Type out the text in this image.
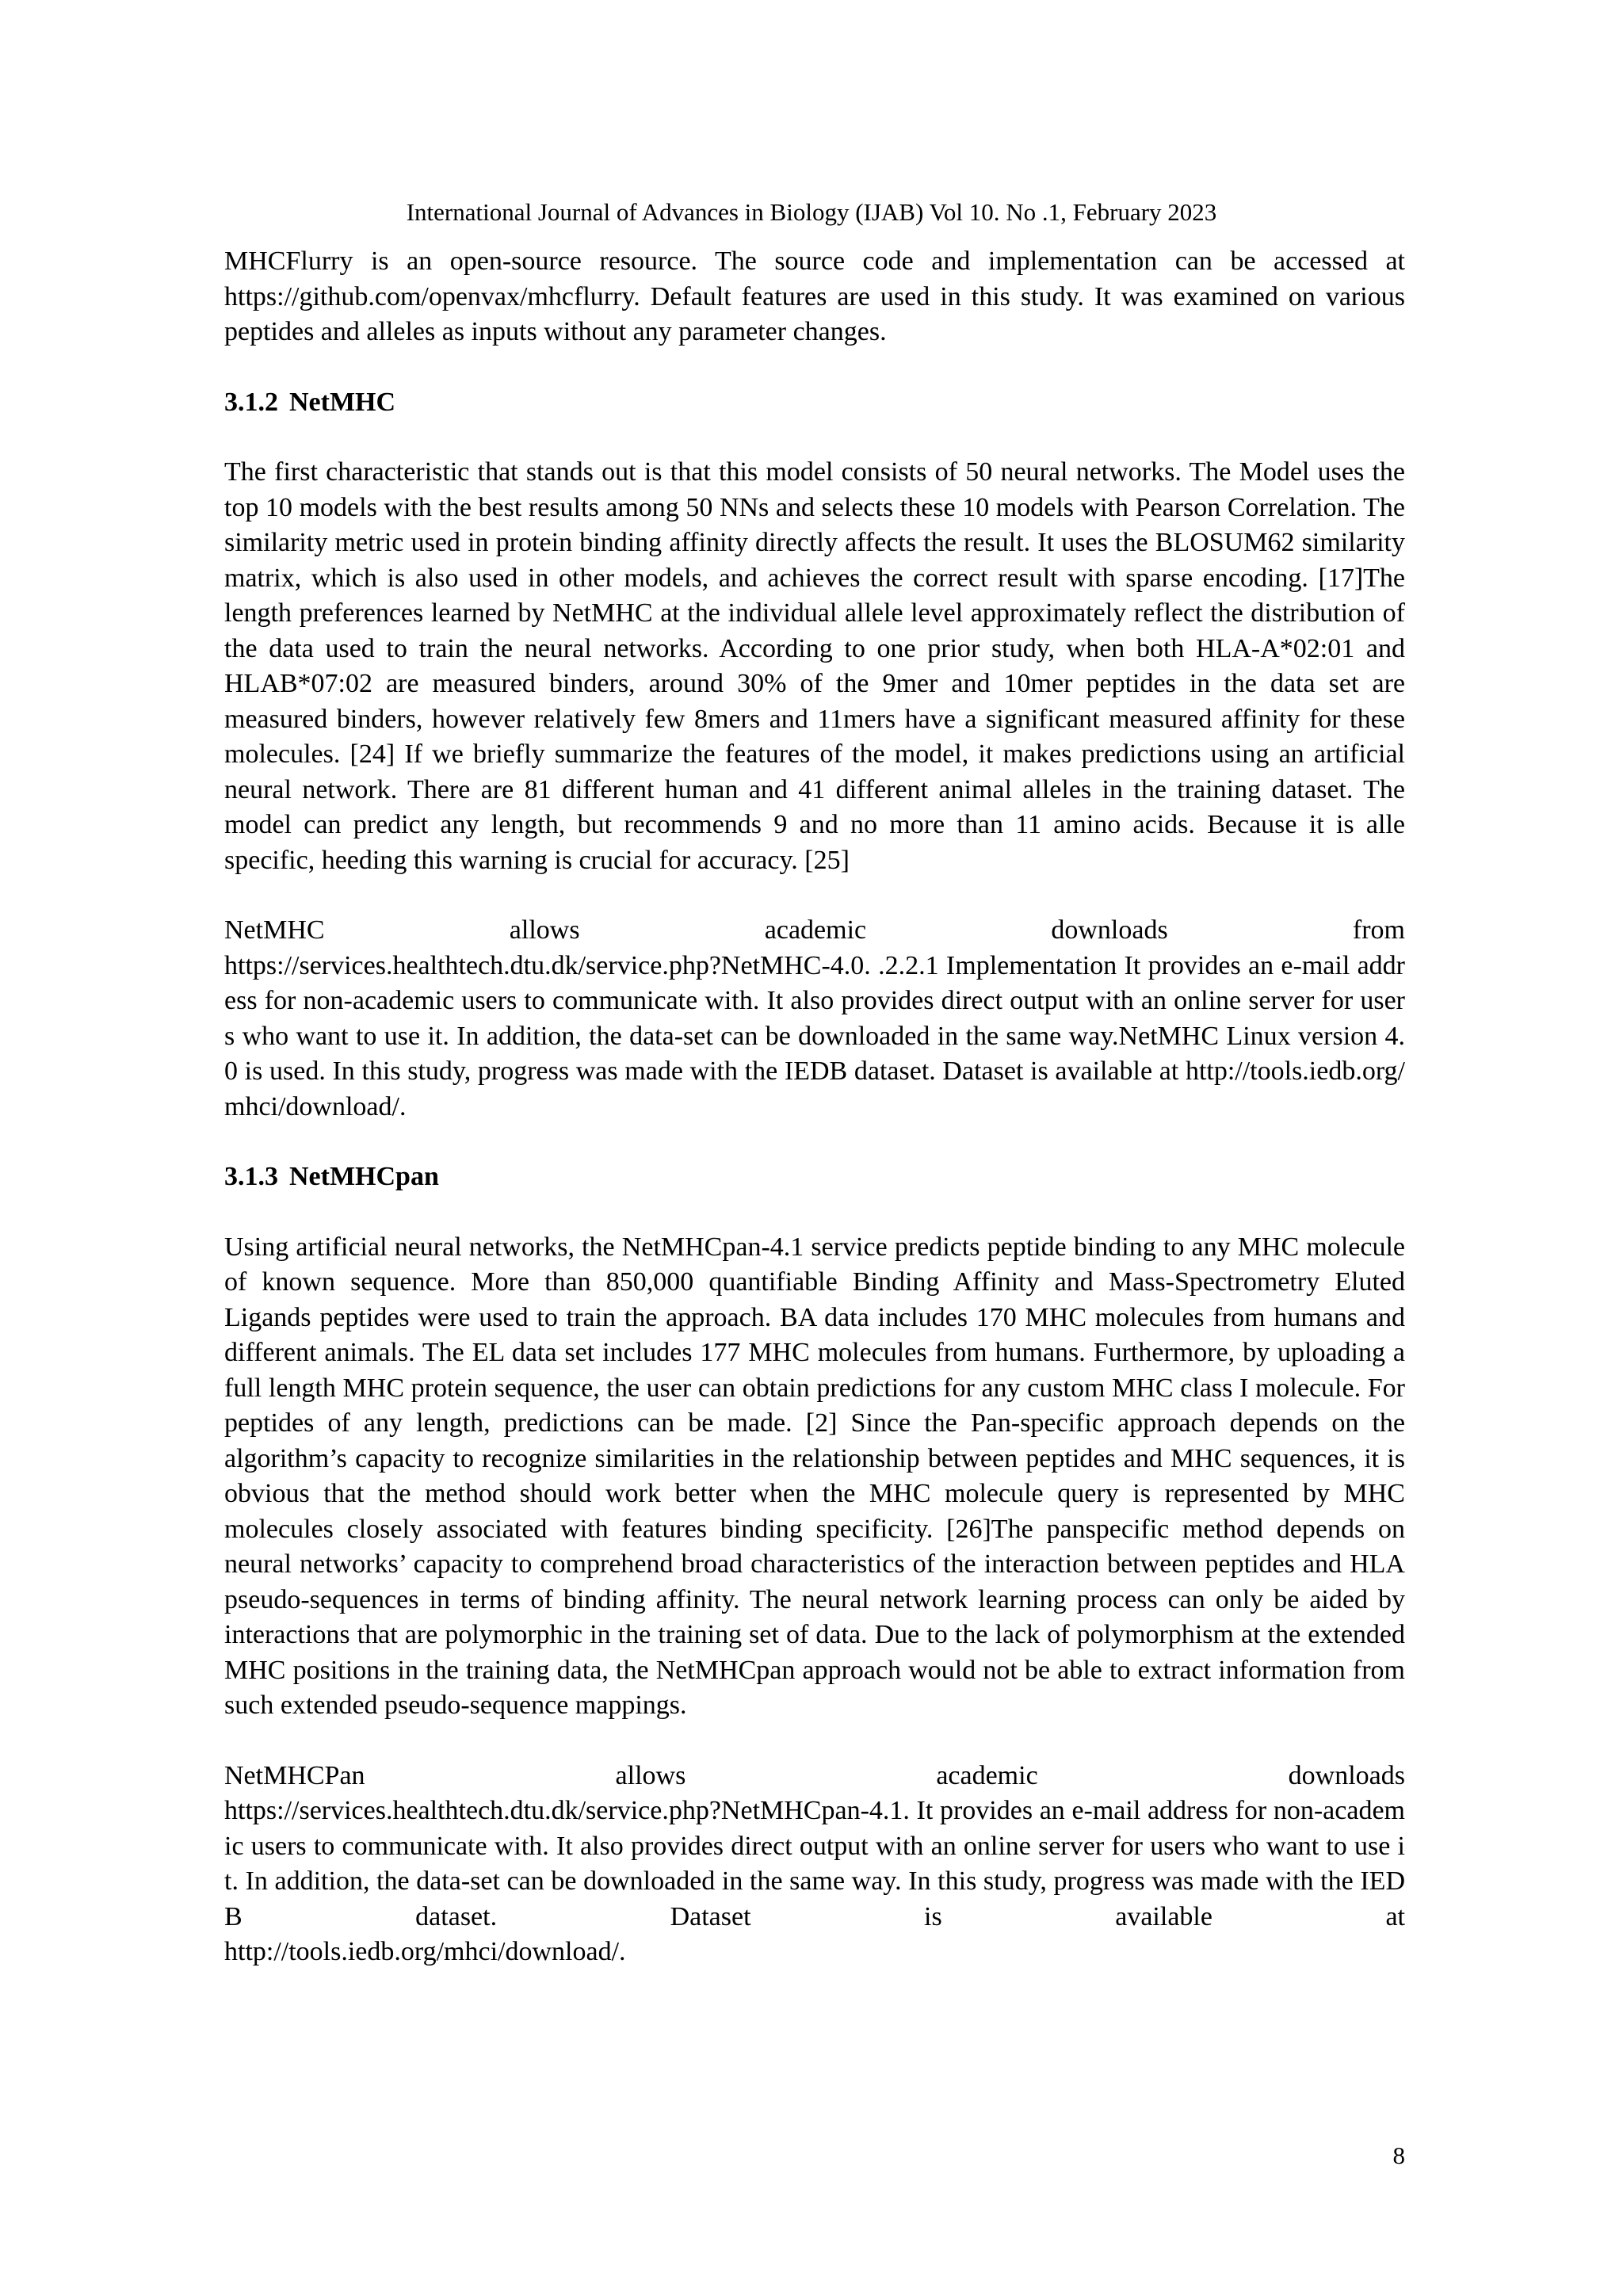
International Journal of Advances in Biology (IJAB) Vol 10. No .1, February 2023

MHCFlurry is an open-source resource. The source code and implementation can be accessed at https://github.com/openvax/mhcflurry. Default features are used in this study. It was examined on various peptides and alleles as inputs without any parameter changes.

3.1.2 NetMHC

The first characteristic that stands out is that this model consists of 50 neural networks. The Model uses the top 10 models with the best results among 50 NNs and selects these 10 models with Pearson Correlation. The similarity metric used in protein binding affinity directly affects the result. It uses the BLOSUM62 similarity matrix, which is also used in other models, and achieves the correct result with sparse encoding. [17]The length preferences learned by NetMHC at the individual allele level approximately reflect the distribution of the data used to train the neural networks. According to one prior study, when both HLA-A*02:01 and HLAB*07:02 are measured binders, around 30% of the 9mer and 10mer peptides in the data set are measured binders, however relatively few 8mers and 11mers have a significant measured affinity for these molecules. [24] If we briefly summarize the features of the model, it makes predictions using an artificial neural network. There are 81 different human and 41 different animal alleles in the training dataset. The model can predict any length, but recommends 9 and no more than 11 amino acids. Because it is alle specific, heeding this warning is crucial for accuracy. [25]

NetMHC allows academic downloads from

https://services.healthtech.dtu.dk/service.php?NetMHC-4.0. .2.2.1 Implementation It provides an e-mail address for non-academic users to communicate with. It also provides direct output with an online server for users who want to use it. In addition, the data-set can be downloaded in the same way.NetMHC Linux version 4.0 is used. In this study, progress was made with the IEDB dataset. Dataset is available at http://tools.iedb.org/mhci/download/.

3.1.3 NetMHCpan

Using artificial neural networks, the NetMHCpan-4.1 service predicts peptide binding to any MHC molecule of known sequence. More than 850,000 quantifiable Binding Affinity and Mass-Spectrometry Eluted Ligands peptides were used to train the approach. BA data includes 170 MHC molecules from humans and different animals. The EL data set includes 177 MHC molecules from humans. Furthermore, by uploading a full length MHC protein sequence, the user can obtain predictions for any custom MHC class I molecule. For peptides of any length, predictions can be made. [2] Since the Pan-specific approach depends on the algorithm’s capacity to recognize similarities in the relationship between peptides and MHC sequences, it is obvious that the method should work better when the MHC molecule query is represented by MHC molecules closely associated with features binding specificity. [26]The panspecific method depends on neural networks’ capacity to comprehend broad characteristics of the interaction between peptides and HLA pseudo-sequences in terms of binding affinity. The neural network learning process can only be aided by interactions that are polymorphic in the training set of data. Due to the lack of polymorphism at the extended MHC positions in the training data, the NetMHCpan approach would not be able to extract information from such extended pseudo-sequence mappings.

NetMHCPan allows academic downloads

https://services.healthtech.dtu.dk/service.php?NetMHCpan-4.1. It provides an e-mail address for non-academic users to communicate with. It also provides direct output with an online server for users who want to use it. In addition, the data-set can be downloaded in the same way. In this study, progress was made with the IEDB dataset. Dataset is available at

http://tools.iedb.org/mhci/download/.

8
